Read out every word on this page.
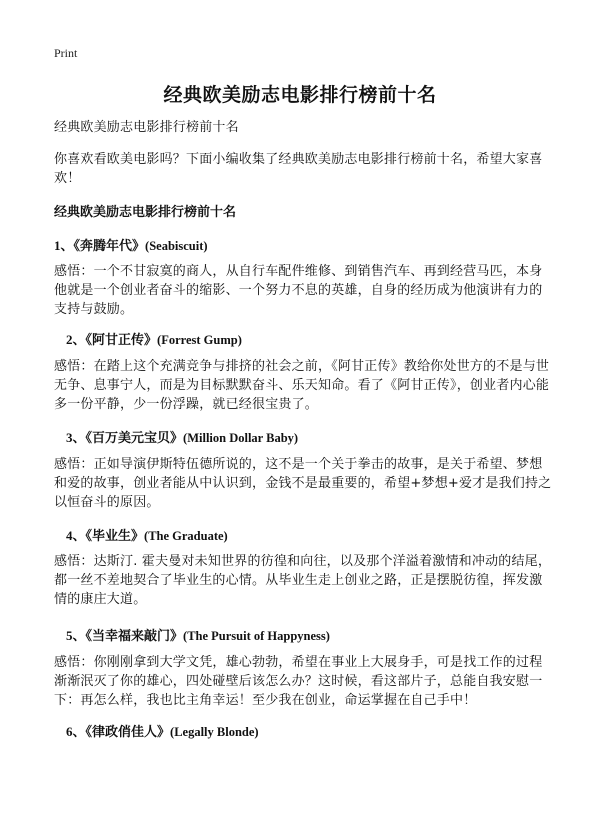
Print
经典欧美励志电影排行榜前十名

经典欧美励志电影排行榜前十名

你喜欢看欧美电影吗？下面小编收集了经典欧美励志电影排行榜前十名，希望大家喜欢！

经典欧美励志电影排行榜前十名

1、《奔腾年代》(Seabiscuit)

感悟：一个不甘寂寞的商人，从自行车配件维修、到销售汽车、再到经营马匹，本身他就是一个创业者奋斗的缩影、一个努力不息的英雄，自身的经历成为他演讲有力的支持与鼓励。

2、《阿甘正传》(Forrest Gump)

感悟：在踏上这个充满竞争与排挤的社会之前，《阿甘正传》教给你处世方的不是与世无争、息事宁人，而是为目标默默奋斗、乐天知命。看了《阿甘正传》，创业者内心能多一份平静，少一份浮躁，就已经很宝贵了。

3、《百万美元宝贝》(Million Dollar Baby)

感悟：正如导演伊斯特伍德所说的，这不是一个关于拳击的故事，是关于希望、梦想和爱的故事，创业者能从中认识到，金钱不是最重要的，希望+梦想+爱才是我们持之以恒奋斗的原因。

4、《毕业生》(The Graduate)

感悟：达斯汀. 霍夫曼对未知世界的彷徨和向往，以及那个洋溢着激情和冲动的结尾，都一丝不差地契合了毕业生的心情。从毕业生走上创业之路，正是摆脱彷徨，挥发激情的康庄大道。

5、《当幸福来敲门》(The Pursuit of Happyness)

感悟：你刚刚拿到大学文凭，雄心勃勃，希望在事业上大展身手，可是找工作的过程渐渐泯灭了你的雄心，四处碰壁后该怎么办？这时候，看这部片子，总能自我安慰一下：再怎么样，我也比主角幸运！至少我在创业，命运掌握在自己手中！

6、《律政俏佳人》(Legally Blonde)
